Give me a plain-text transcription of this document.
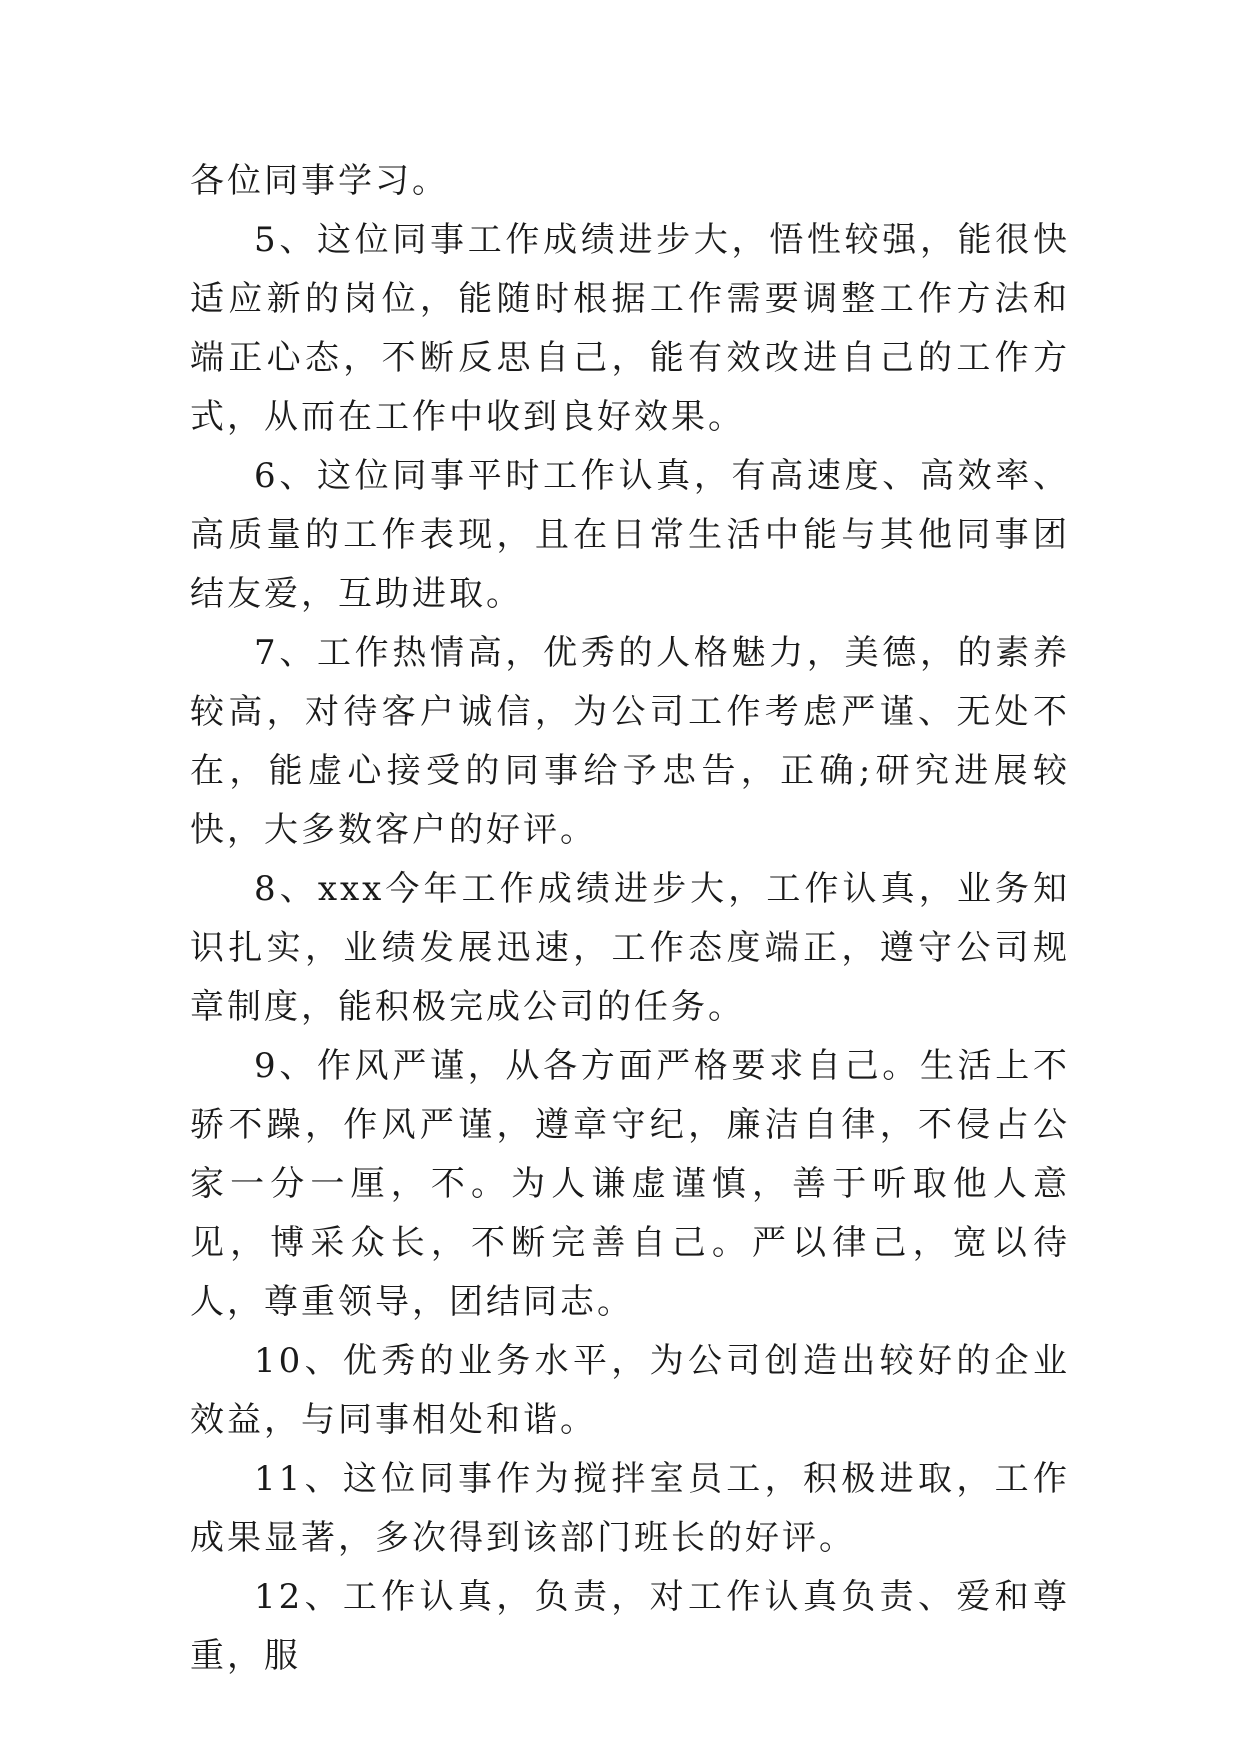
各位同事学习。

5、这位同事工作成绩进步大，悟性较强，能很快适应新的岗位，能随时根据工作需要调整工作方法和端正心态，不断反思自己，能有效改进自己的工作方式，从而在工作中收到良好效果。

6、这位同事平时工作认真，有高速度、高效率、高质量的工作表现，且在日常生活中能与其他同事团结友爱，互助进取。

7、工作热情高，优秀的人格魅力，美德，的素养较高，对待客户诚信，为公司工作考虑严谨、无处不在，能虚心接受的同事给予忠告，正确;研究进展较快，大多数客户的好评。

8、xxx今年工作成绩进步大，工作认真，业务知识扎实，业绩发展迅速，工作态度端正，遵守公司规章制度，能积极完成公司的任务。

9、作风严谨，从各方面严格要求自己。生活上不骄不躁，作风严谨，遵章守纪，廉洁自律，不侵占公家一分一厘，不。为人谦虚谨慎，善于听取他人意见，博采众长，不断完善自己。严以律己，宽以待人，尊重领导，团结同志。

10、优秀的业务水平，为公司创造出较好的企业效益，与同事相处和谐。

11、这位同事作为搅拌室员工，积极进取，工作成果显著，多次得到该部门班长的好评。

12、工作认真，负责，对工作认真负责、爱和尊重，服
